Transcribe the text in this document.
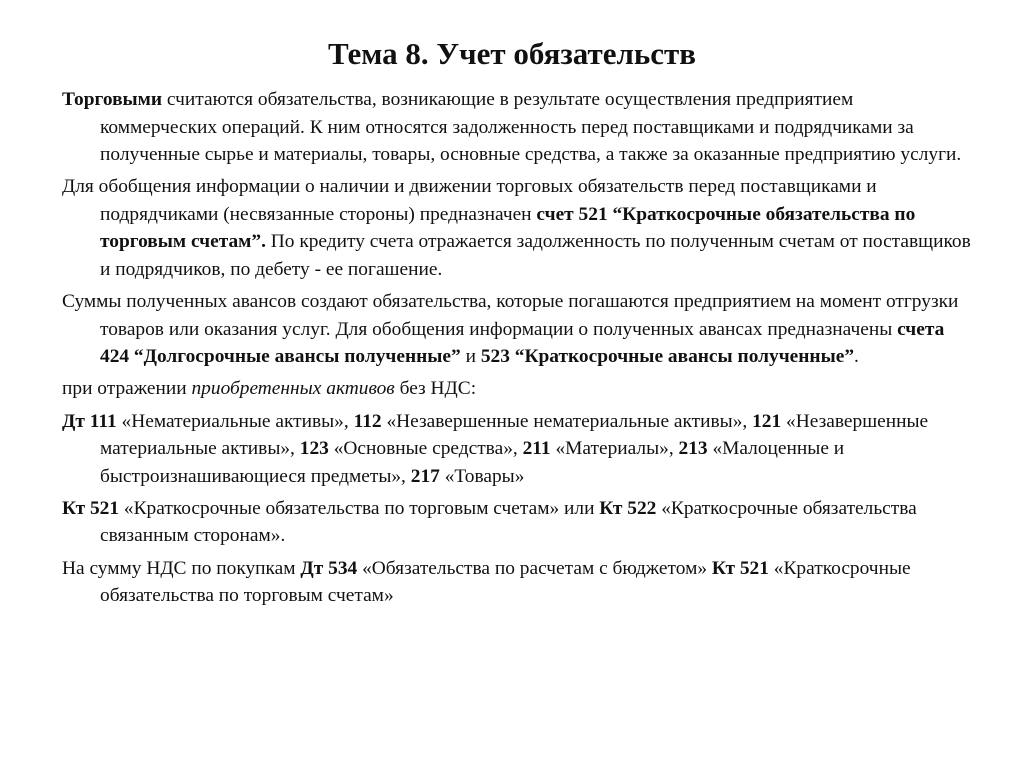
Тема 8. Учет обязательств

Торговыми считаются обязательства, возникающие в результате осуществления предприятием коммерческих операций. К ним относятся задолженность перед поставщиками и подрядчиками за полученные сырье и материалы, товары, основные средства, а также за оказанные предприятию услуги.

Для обобщения информации о наличии и движении торговых обязательств перед поставщиками и подрядчиками (несвязанные стороны) предназначен счет 521 “Краткосрочные обязательства по торговым счетам”. По кредиту счета отражается задолженность по полученным счетам от поставщиков и подрядчиков, по дебету - ее погашение.

Суммы полученных авансов создают обязательства, которые погашаются предприятием на момент отгрузки товаров или оказания услуг. Для обобщения информации о полученных авансах предназначены счета 424 “Долгосрочные авансы полученные” и 523 “Краткосрочные авансы полученные”.

при отражении приобретенных активов без НДС:

Дт 111 «Нематериальные активы», 112 «Незавершенные нематериальные активы», 121 «Незавершенные материальные активы», 123 «Основные средства», 211 «Материалы», 213 «Малоценные и быстроизнашивающиеся предметы», 217 «Товары»

Кт 521 «Краткосрочные обязательства по торговым счетам» или Кт 522 «Краткосрочные обязательства связанным сторонам».

На сумму НДС по покупкам Дт 534 «Обязательства по расчетам с бюджетом» Кт 521 «Краткосрочные обязательства по торговым счетам»
